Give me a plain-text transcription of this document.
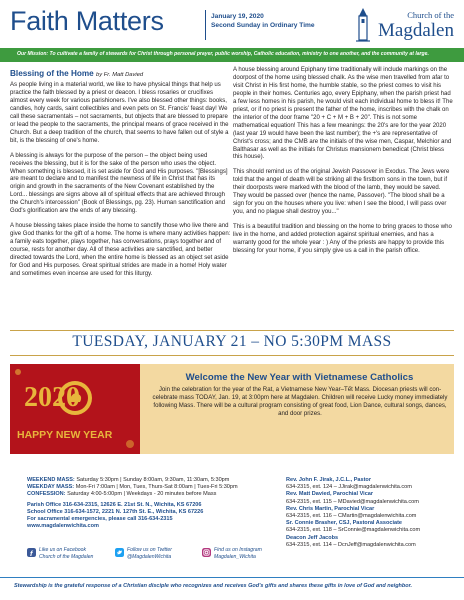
Faith Matters	January 19, 2020
Second Sunday in Ordinary Time
Church of the
Magdalen
Our Mission: To cultivate a family of stewards for Christ through personal prayer, public worship, Catholic education, ministry to one another, and the community at large.
Blessing of the Home by Fr. Matt Davied

As people living in a material world, we like to have physical things that help us practice the faith blessed by a priest or deacon. I bless rosaries or crucifixes almost every week for various parishioners. I've also blessed other things: books, candles, holy cards, saint collectibles and even pets on St. Francis' feast day! We call these sacramentals – not sacraments, but objects that are blessed to prepare or lead the people to the sacraments, the principal means of grace received in the Church. But a deep tradition of the church, that seems to have fallen out of style a bit, is the blessing of one's home.

A blessing is always for the purpose of the person – the object being used receives the blessing, but it is for the sake of the person who uses the object. When something is blessed, it is set aside for God and His purposes. "[Blessings] are meant to declare and to manifest the newness of life in Christ that has its origin and growth in the sacraments of the New Covenant established by the Lord... blessings are signs above all of spiritual effects that are achieved through the Church's intercession" (Book of Blessings, pg. 23). Human sanctification and God's glorification are the ends of any blessing.

A house blessing takes place inside the home to sanctify those who live there and give God thanks for the gift of a home. The home is where many activities happen: a family eats together, plays together, has conversations, prays together and of course, rests for another day. All of these activities are sanctified, and better directed towards the Lord, when the entire home is blessed as an object set aside for God and His purposes. Great spiritual strides are made in a home! Holy water and sometimes even incense are used for this liturgy.

A house blessing around Epiphany time traditionally will include markings on the doorpost of the home using blessed chalk. As the wise men travelled from afar to visit Christ in His first home, the humble stable, so the priest comes to visit his people in their homes. Centuries ago, every Epiphany, when the parish priest had a few less homes in his parish, he would visit each individual home to bless it! The priest, or if no priest is present the father of the home, inscribes with the chalk on the interior of the door frame "20 + C + M + B + 20". This is not some mathematical equation! This has a few meanings: the 20's are for the year 2020 (last year 19 would have been the last number); the +'s are representative of Christ's cross; and the CMB are the initials of the wise men, Caspar, Melchior and Balthasar as well as the initials for Christus mansionem benedicat (Christ bless this house).

This should remind us of the original Jewish Passover in Exodus. The Jews were told that the angel of death will be striking all the firstborn sons in the town, but if their doorposts were marked with the blood of the lamb, they would be saved. They would be passed over (hence the name, Passover). "The blood shall be a sign for you on the houses where you live: when I see the blood, I will pass over you, and no plague shall destroy you..."

This is a beautiful tradition and blessing on the home to bring graces to those who live in the home, and added protection against spiritual enemies, and has a warranty good for the whole year : ) Any of the priests are happy to provide this blessing for your home, if you simply give us a call in the parish office.

TUESDAY, JANUARY 21 – NO 5:30PM MASS
2020
HAPPY NEW YEAR
Welcome the New Year with Vietnamese Catholics
Join the celebration for the year of the Rat, a Vietnamese New Year–Tết Mass. Diocesan priests will con-celebrate mass TODAY, Jan. 19, at 3:00pm here at Magdalen. Children will receive Lucky money immediately following Mass. There will be a cultural program consisting of great food, Lion Dance, cultural songs, dances, and door prizes.
WEEKEND MASS: Saturday 5:30pm | Sunday 8:00am, 9:30am, 11:30am, 5:30pm
WEEKDAY MASS: Mon-Fri 7:00am | Mon, Tues, Thurs-Sat 8:00am | Tues-Fri 5:30pm
CONFESSION: Saturday 4:00-5:00pm | Weekdays - 20 minutes before Mass
Parish Office 316-634-2315, 12626 E. 21st St. N., Wichita, KS 67206
School Office 316-634-1572, 2221 N. 127th St. E., Wichita, KS 67226
For sacramental emergencies, please call 316-634-2315
www.magdalenwichita.com
f Like us on Facebook
Church of the Magdalen
Follow us on Twitter
@MagdalenWichita
Find us on Instagram
Magdalen_Wichita
Rev. John F. Jirak, J.C.L., Pastor
634-2315, ext. 124 – JJirak@magdalenwichita.com
Rev. Matt Davied, Parochial Vicar
634-2315, ext. 115 – MDavied@magdalenwichita.com
Rev. Chris Martin, Parochial Vicar
634-2315, ext. 116 – CMartin@magdalenwichita.com
Sr. Connie Brasher, CSJ, Pastoral Associate
634-2315, ext. 118 – SrConnie@magdalenwichita.com
Deacon Jeff Jacobs
634-2315, ext. 114 – DcnJeff@magdalenwichita.com
Stewardship is the grateful response of a Christian disciple who recognizes and receives God's gifts and shares these gifts in love of God and neighbor.
